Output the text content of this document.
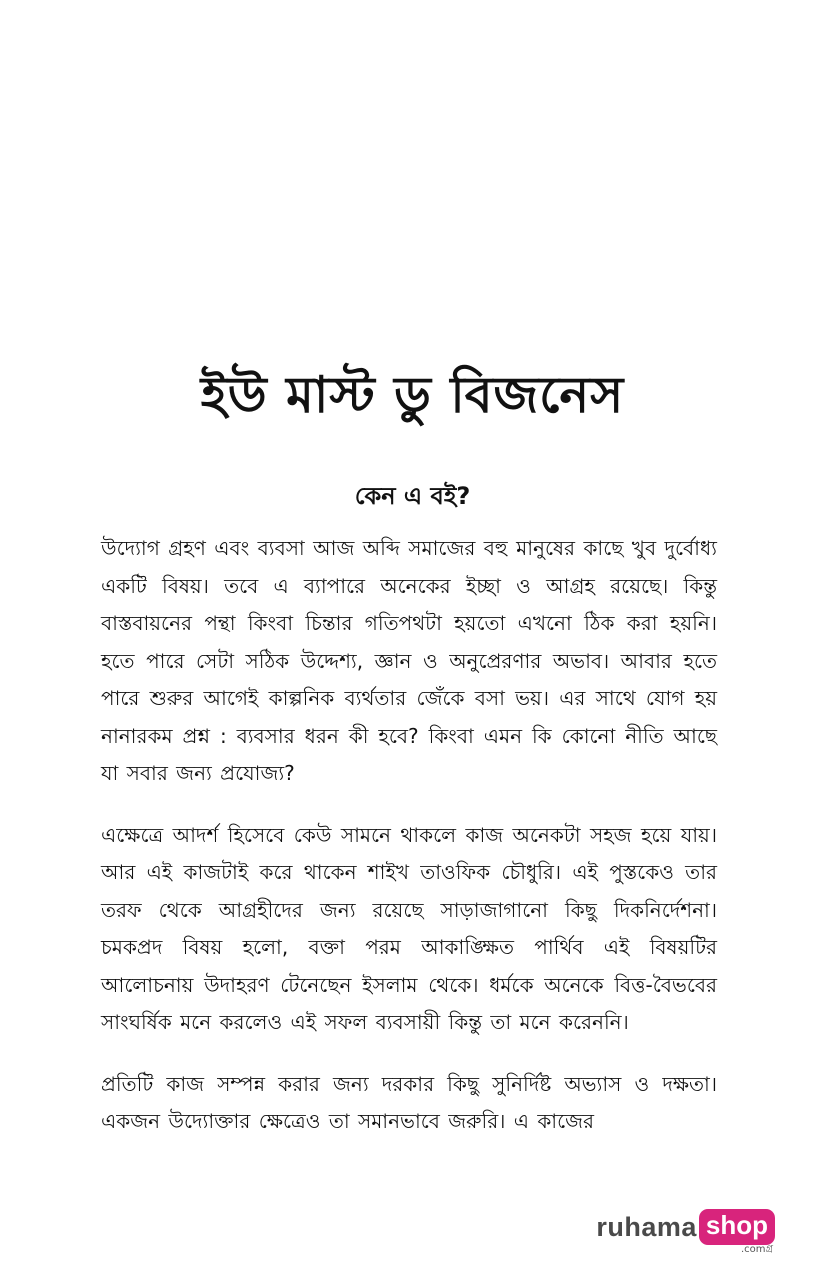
ইউ মাস্ট ডু বিজনেস
কেন এ বই?

উদ্যোগ গ্রহণ এবং ব্যবসা আজ অব্দি সমাজের বহু মানুষের কাছে খুব দুর্বোধ্য একটি বিষয়। তবে এ ব্যাপারে অনেকের ইচ্ছা ও আগ্রহ রয়েছে। কিন্তু বাস্তবায়নের পন্থা কিংবা চিন্তার গতিপথটা হয়তো এখনো ঠিক করা হয়নি। হতে পারে সেটা সঠিক উদ্দেশ্য, জ্ঞান ও অনুপ্রেরণার অভাব। আবার হতে পারে শুরুর আগেই কাল্পনিক ব্যর্থতার জেঁকে বসা ভয়। এর সাথে যোগ হয় নানারকম প্রশ্ন : ব্যবসার ধরন কী হবে? কিংবা এমন কি কোনো নীতি আছে যা সবার জন্য প্রযোজ্য?

এক্ষেত্রে আদর্শ হিসেবে কেউ সামনে থাকলে কাজ অনেকটা সহজ হয়ে যায়। আর এই কাজটাই করে থাকেন শাইখ তাওফিক চৌধুরি। এই পুস্তকেও তার তরফ থেকে আগ্রহীদের জন্য রয়েছে সাড়াজাগানো কিছু দিকনির্দেশনা। চমকপ্রদ বিষয় হলো, বক্তা পরম আকাঙ্ক্ষিত পার্থিব এই বিষয়টির আলোচনায় উদাহরণ টেনেছেন ইসলাম থেকে। ধর্মকে অনেকে বিত্ত-বৈভবের সাংঘর্ষিক মনে করলেও এই সফল ব্যবসায়ী কিন্তু তা মনে করেননি।

প্রতিটি কাজ সম্পন্ন করার জন্য দরকার কিছু সুনির্দিষ্ট অভ্যাস ও দক্ষতা। একজন উদ্যোক্তার ক্ষেত্রেও তা সমানভাবে জরুরি। এ কাজের

ruhama shop
.comগ্র
